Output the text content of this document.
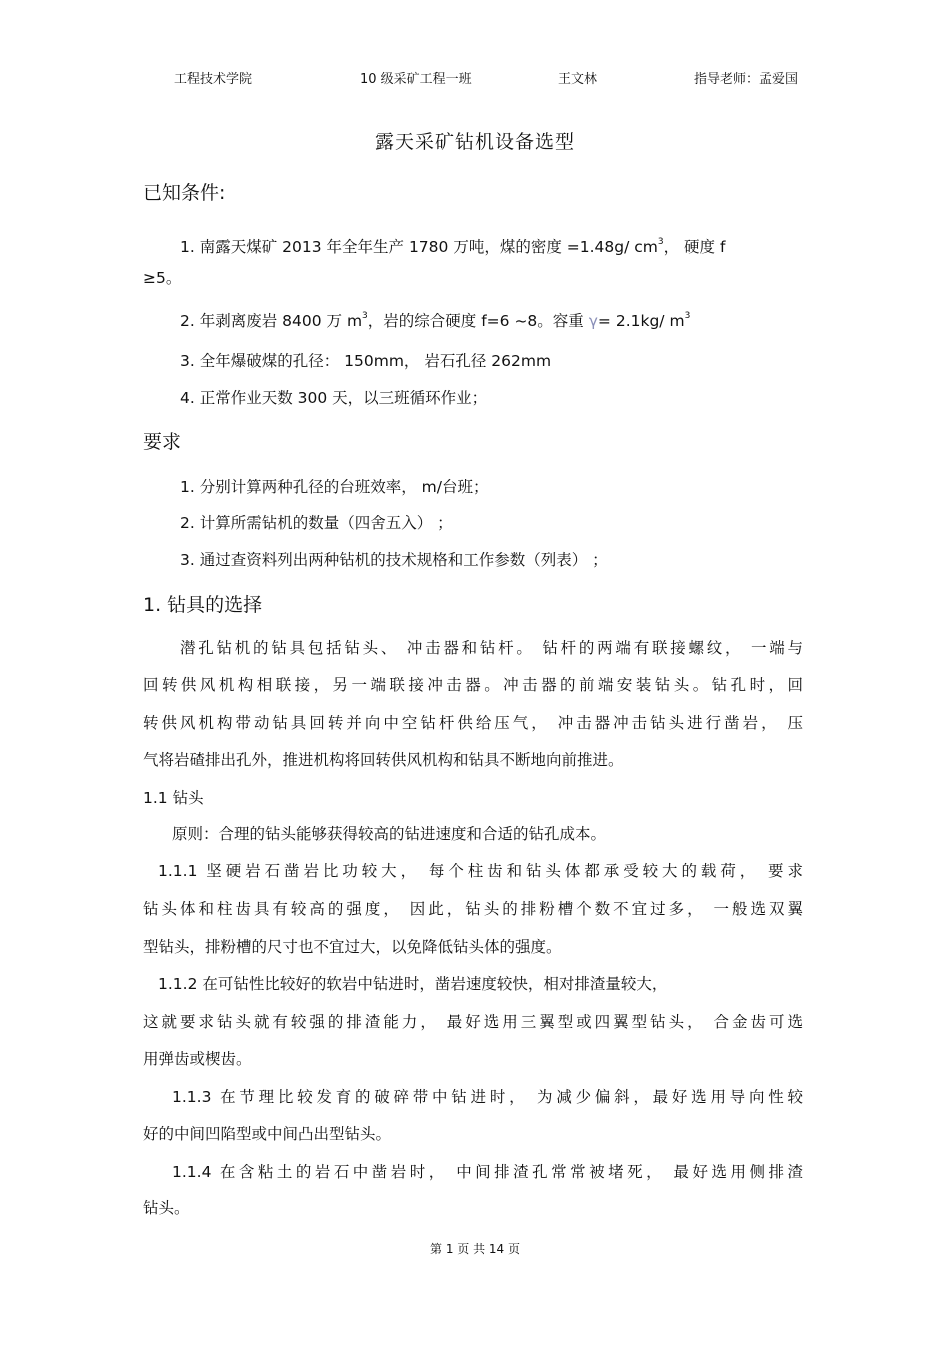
工程技术学院	10 级采矿工程一班	王文林	指导老师：孟爱国
露天采矿钻机设备选型
已知条件:
1. 南露天煤矿 2013 年全年生产 1780 万吨，煤的密度 =1.48g/ $cm^3$， 硬度 f
≥5。
2. 年剥离废岩 8400 万 $m^3$，岩的综合硬度 f=6 ~8。容重 γ= 2.1kg/ $m^3$
3. 全年爆破煤的孔径： 150mm， 岩石孔径 262mm
4. 正常作业天数 300 天，以三班循环作业；
要求
1. 分别计算两种孔径的台班效率， m/台班；
2. 计算所需钻机的数量（四舍五入） ；
3. 通过查资料列出两种钻机的技术规格和工作参数（列表） ；
1. 钻具的选择
潜孔钻机的钻具包括钻头、 冲击器和钻杆。 钻杆的两端有联接螺纹， 一端与
回转供风机构相联接，另一端联接冲击器。冲击器的前端安装钻头。钻孔时，回
转供风机构带动钻具回转并向中空钻杆供给压气， 冲击器冲击钻头进行凿岩， 压
气将岩碴排出孔外，推进机构将回转供风机构和钻具不断地向前推进。
1.1 钻头
原则：合理的钻头能够获得较高的钻进速度和合适的钻孔成本。
1.1.1 坚硬岩石凿岩比功较大， 每个柱齿和钻头体都承受较大的载荷， 要求
钻头体和柱齿具有较高的强度， 因此，钻头的排粉槽个数不宜过多， 一般选双翼
型钻头，排粉槽的尺寸也不宜过大，以免降低钻头体的强度。
1.1.2 在可钻性比较好的软岩中钻进时，凿岩速度较快，相对排渣量较大，
这就要求钻头就有较强的排渣能力， 最好选用三翼型或四翼型钻头， 合金齿可选
用弹齿或楔齿。
1.1.3 在节理比较发育的破碎带中钻进时， 为减少偏斜，最好选用导向性较
好的中间凹陷型或中间凸出型钻头。
1.1.4 在含粘土的岩石中凿岩时， 中间排渣孔常常被堵死， 最好选用侧排渣
钻头。
第 1 页 共 14 页
